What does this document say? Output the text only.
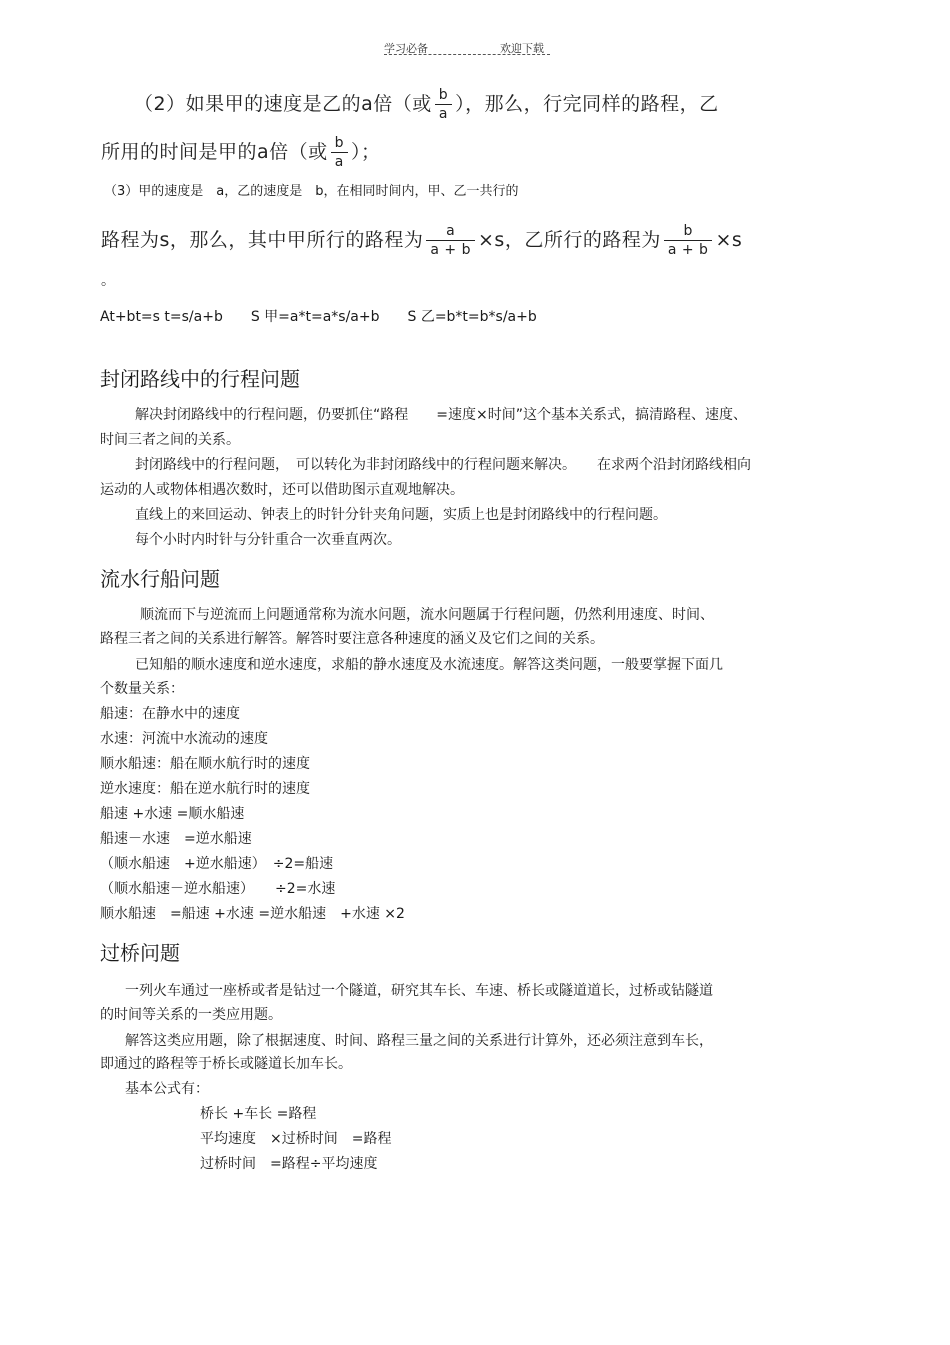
学习必备	欢迎下载
（2）如果甲的速度是乙的a倍（或 $\frac{b}{a}$ ），那么，行完同样的路程，乙
所用的时间是甲的a倍（或 $\frac{b}{a}$ ）；
（3）甲的速度是　a，乙的速度是　b，在相同时间内，甲、乙一共行的
路程为s，那么，其中甲所行的路程为 $\frac{a}{a + b} \times s$，乙所行的路程为 $\frac{b}{a + b} \times s$
。
At+bt=s t=s/a+b　　S 甲=a*t=a*s/a+b　　S 乙=b*t=b*s/a+b
封闭路线中的行程问题
解决封闭路线中的行程问题，仍要抓住“路程　　=速度×时间”这个基本关系式，搞清路程、速度、
时间三者之间的关系。
封闭路线中的行程问题，　可以转化为非封闭路线中的行程问题来解决。　　在求两个沿封闭路线相向
运动的人或物体相遇次数时，还可以借助图示直观地解决。
直线上的来回运动、钟表上的时针分针夹角问题，实质上也是封闭路线中的行程问题。
每个小时内时针与分针重合一次垂直两次。
流水行船问题
顺流而下与逆流而上问题通常称为流水问题，流水问题属于行程问题，仍然利用速度、时间、
路程三者之间的关系进行解答。解答时要注意各种速度的涵义及它们之间的关系。
已知船的顺水速度和逆水速度，求船的静水速度及水流速度。解答这类问题，一般要掌握下面几
个数量关系：
船速：在静水中的速度
水速：河流中水流动的速度
顺水船速：船在顺水航行时的速度
逆水速度：船在逆水航行时的速度
船速 +水速 =顺水船速
船速－水速　=逆水船速
（顺水船速　+逆水船速）　÷2=船速
（顺水船速－逆水船速）　　÷2=水速
顺水船速　=船速 +水速 =逆水船速　+水速 ×2
过桥问题
一列火车通过一座桥或者是钻过一个隧道，研究其车长、车速、桥长或隧道道长，过桥或钻隧道
的时间等关系的一类应用题。
解答这类应用题，除了根据速度、时间、路程三量之间的关系进行计算外，还必须注意到车长，
即通过的路程等于桥长或隧道长加车长。
基本公式有：
桥长 +车长 =路程
平均速度　×过桥时间　=路程
过桥时间　=路程÷平均速度
